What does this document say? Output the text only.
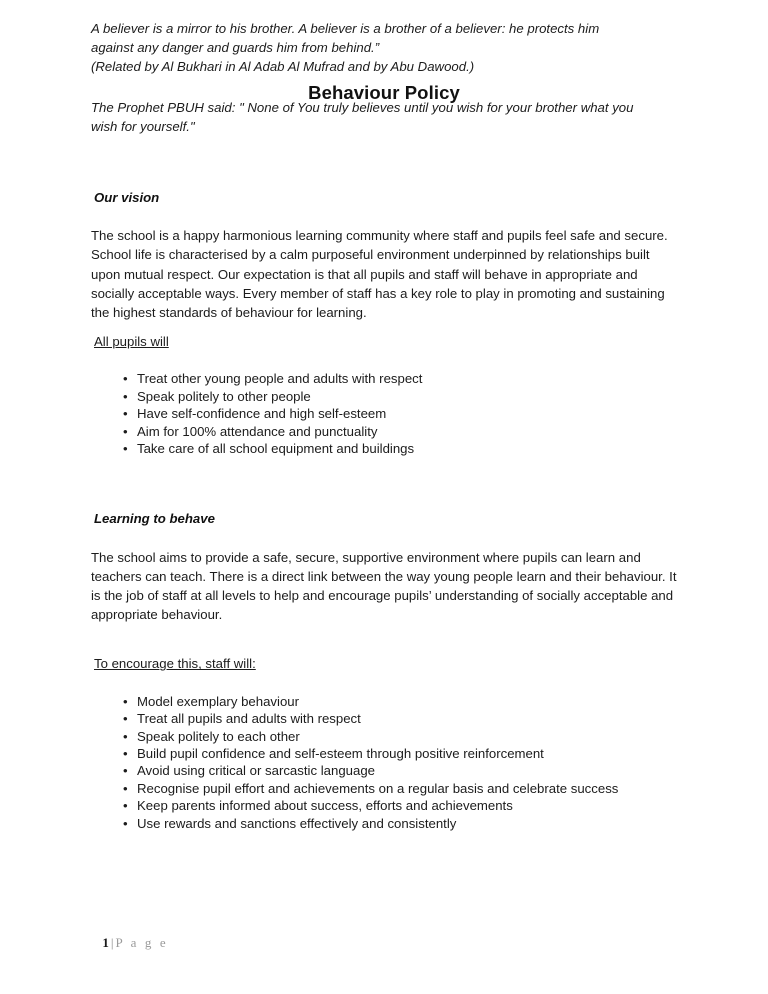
Behaviour Policy

A believer is a mirror to his brother. A believer is a brother of a believer: he protects him

against any danger and guards him from behind.”

(Related by Al Bukhari in Al Adab Al Mufrad and by Abu Dawood.)

The Prophet PBUH said: " None of You truly believes until you wish for your brother what you

wish for yourself."

Our vision

The school is a happy harmonious learning community where staff and pupils feel safe and secure. School life is characterised by a calm purposeful environment underpinned by relationships built upon mutual respect. Our expectation is that all pupils and staff will behave in appropriate and socially acceptable ways. Every member of staff has a key role to play in promoting and sustaining the highest standards of behaviour for learning.

All pupils will

• Treat other young people and adults with respect
• Speak politely to other people
• Have self-confidence and high self-esteem
• Aim for 100% attendance and punctuality
• Take care of all school equipment and buildings

Learning to behave

The school aims to provide a safe, secure, supportive environment where pupils can learn and teachers can teach. There is a direct link between the way young people learn and their behaviour. It is the job of staff at all levels to help and encourage pupils’ understanding of socially acceptable and appropriate behaviour.

To encourage this, staff will:

• Model exemplary behaviour
• Treat all pupils and adults with respect
• Speak politely to each other
• Build pupil confidence and self-esteem through positive reinforcement
• Avoid using critical or sarcastic language
• Recognise pupil effort and achievements on a regular basis and celebrate success
• Keep parents informed about success, efforts and achievements
• Use rewards and sanctions effectively and consistently

1 | P a g e
